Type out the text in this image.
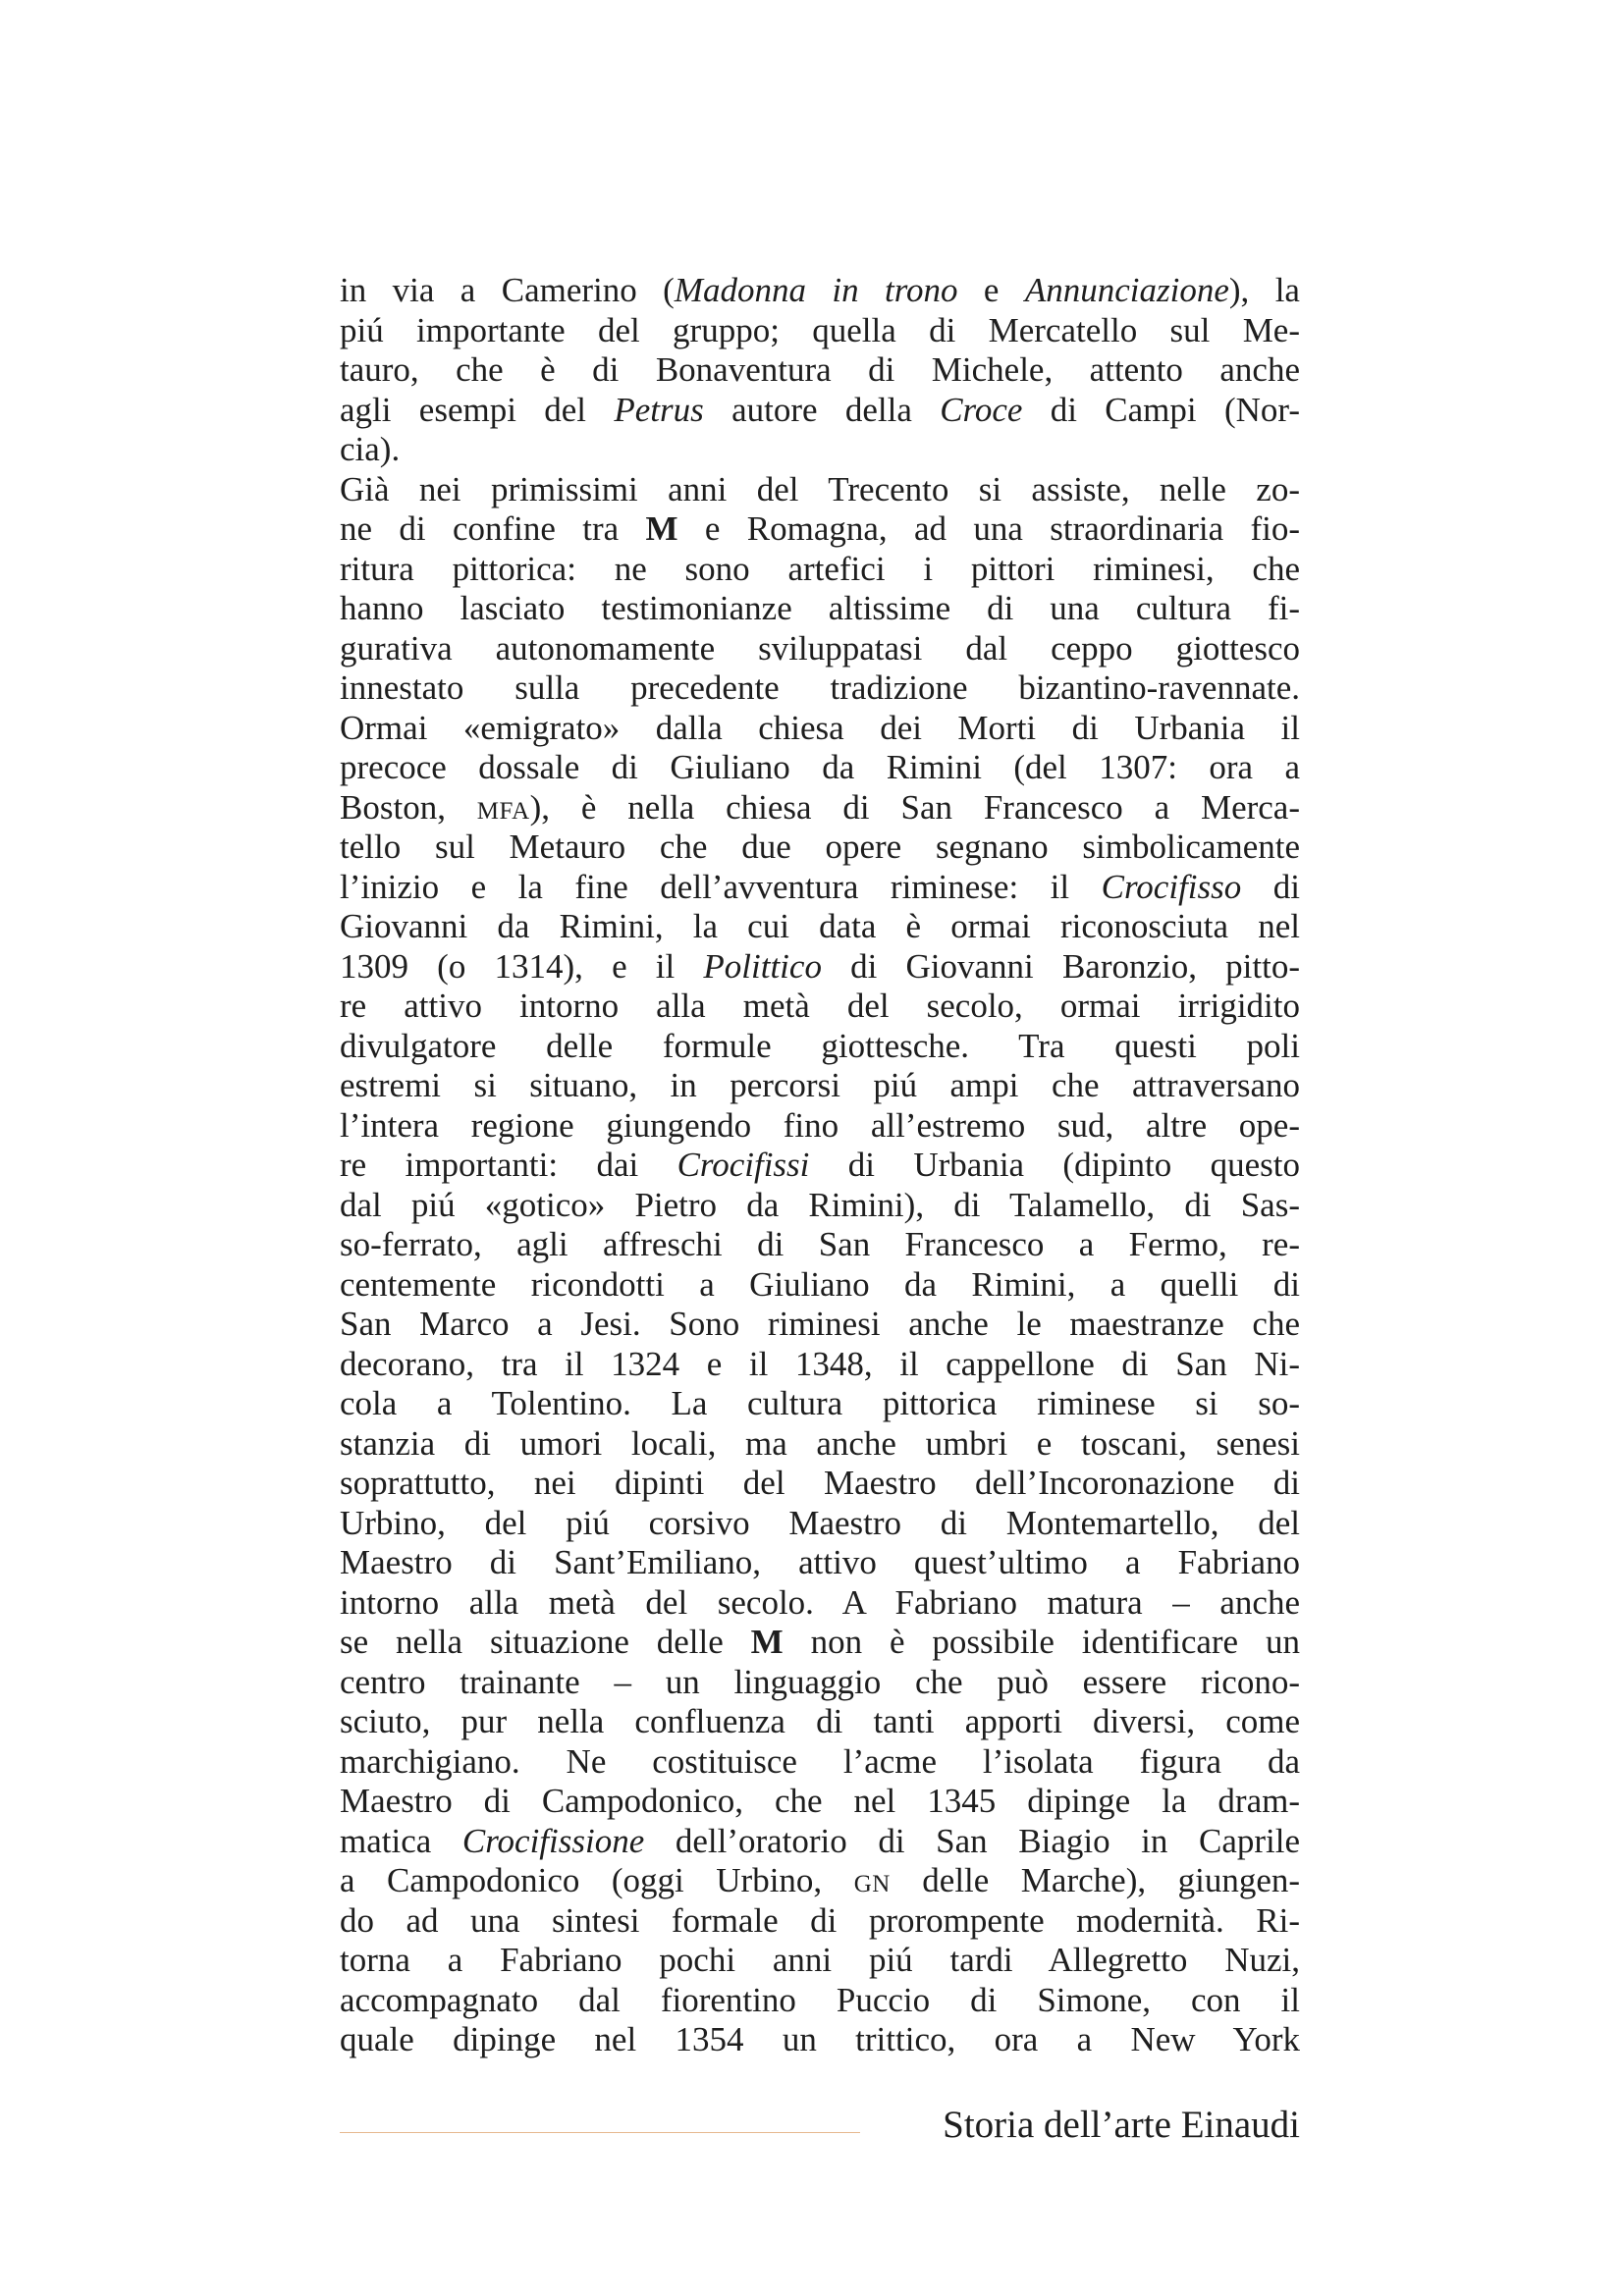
in via a Camerino (Madonna in trono e Annunciazione), la
piú importante del gruppo; quella di Mercatello sul Me-
tauro, che è di Bonaventura di Michele, attento anche
agli esempi del Petrus autore della Croce di Campi (Nor-
cia).
Già nei primissimi anni del Trecento si assiste, nelle zo-
ne di confine tra M e Romagna, ad una straordinaria fio-
ritura pittorica: ne sono artefici i pittori riminesi, che
hanno lasciato testimonianze altissime di una cultura fi-
gurativa autonomamente sviluppatasi dal ceppo giottesco
innestato sulla precedente tradizione bizantino-ravennate.
Ormai «emigrato» dalla chiesa dei Morti di Urbania il
precoce dossale di Giuliano da Rimini (del 1307: ora a
Boston, mfa), è nella chiesa di San Francesco a Merca-
tello sul Metauro che due opere segnano simbolicamente
l’inizio e la fine dell’avventura riminese: il Crocifisso di
Giovanni da Rimini, la cui data è ormai riconosciuta nel
1309 (o 1314), e il Polittico di Giovanni Baronzio, pitto-
re attivo intorno alla metà del secolo, ormai irrigidito
divulgatore delle formule giottesche. Tra questi poli
estremi si situano, in percorsi piú ampi che attraversano
l’intera regione giungendo fino all’estremo sud, altre ope-
re importanti: dai Crocifissi di Urbania (dipinto questo
dal piú «gotico» Pietro da Rimini), di Talamello, di Sas-
so-ferrato, agli affreschi di San Francesco a Fermo, re-
centemente ricondotti a Giuliano da Rimini, a quelli di
San Marco a Jesi. Sono riminesi anche le maestranze che
decorano, tra il 1324 e il 1348, il cappellone di San Ni-
cola a Tolentino. La cultura pittorica riminese si so-
stanzia di umori locali, ma anche umbri e toscani, senesi
soprattutto, nei dipinti del Maestro dell’Incoronazione di
Urbino, del piú corsivo Maestro di Montemartello, del
Maestro di Sant’Emiliano, attivo quest’ultimo a Fabriano
intorno alla metà del secolo. A Fabriano matura – anche
se nella situazione delle M non è possibile identificare un
centro trainante – un linguaggio che può essere ricono-
sciuto, pur nella confluenza di tanti apporti diversi, come
marchigiano. Ne costituisce l’acme l’isolata figura da
Maestro di Campodonico, che nel 1345 dipinge la dram-
matica Crocifissione dell’oratorio di San Biagio in Caprile
a Campodonico (oggi Urbino, gn delle Marche), giungen-
do ad una sintesi formale di prorompente modernità. Ri-
torna a Fabriano pochi anni piú tardi Allegretto Nuzi,
accompagnato dal fiorentino Puccio di Simone, con il
quale dipinge nel 1354 un trittico, ora a New York
Storia dell’arte Einaudi
